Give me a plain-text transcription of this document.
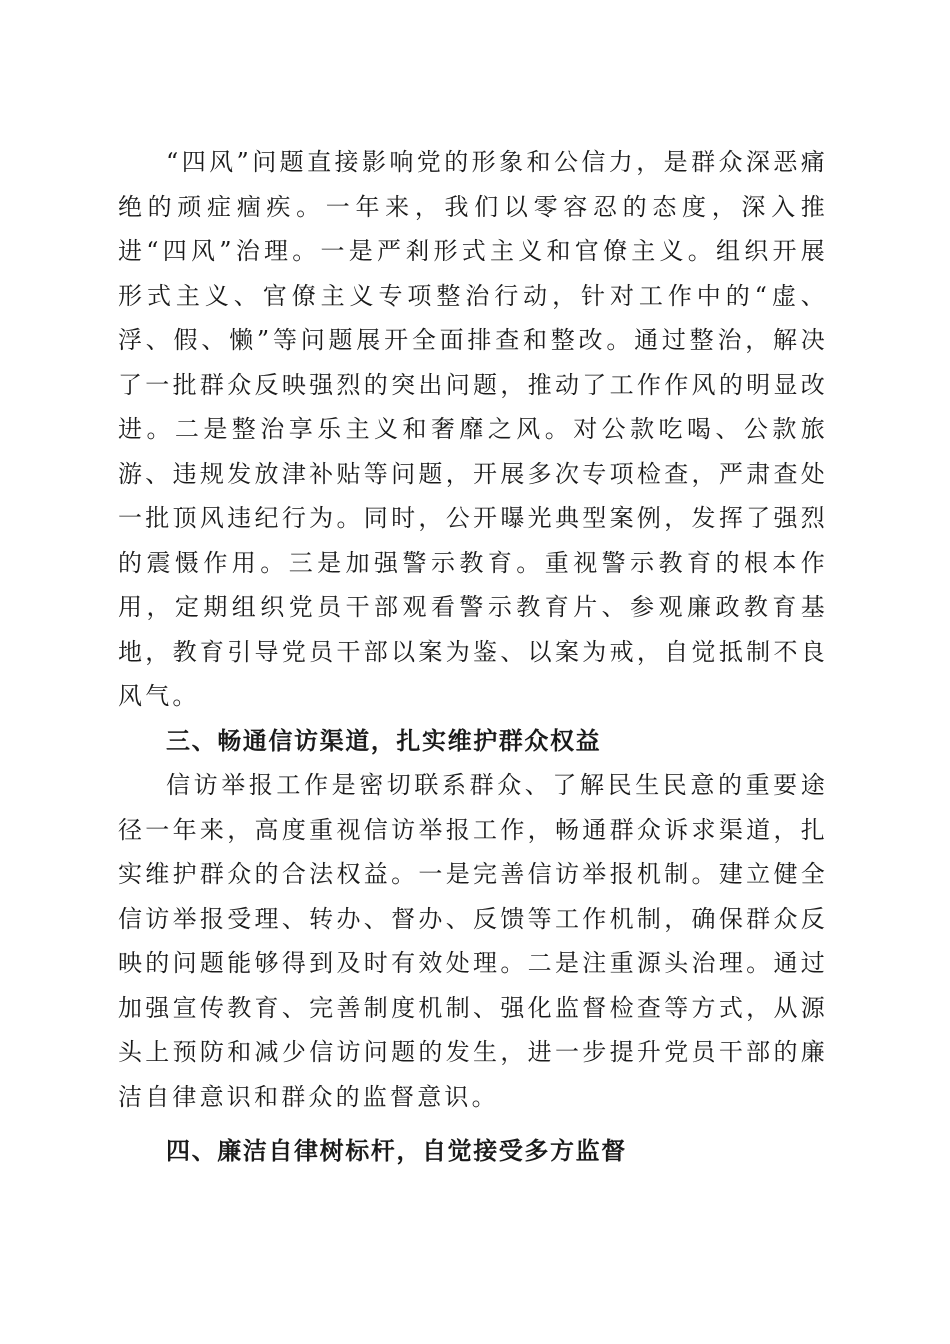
“四风”问题直接影响党的形象和公信力，是群众深恶痛绝的顽症痼疾。一年来，我们以零容忍的态度，深入推进“四风”治理。一是严剎形式主义和官僚主义。组织开展形式主义、官僚主义专项整治行动，针对工作中的“虚、浮、假、懒”等问题展开全面排查和整改。通过整治，解决了一批群众反映强烈的突出问题，推动了工作作风的明显改进。二是整治享乐主义和奢靡之风。对公款吃喝、公款旅游、违规发放津补贴等问题，开展多次专项检查，严肃查处一批顶风违纪行为。同时，公开曝光典型案例，发挥了强烈的震慑作用。三是加强警示教育。重视警示教育的根本作用，定期组织党员干部观看警示教育片、参观廉政教育基地，教育引导党员干部以案为鉴、以案为戒，自觉抵制不良风气。

三、畅通信访渠道，扎实维护群众权益

信访举报工作是密切联系群众、了解民生民意的重要途径一年来，高度重视信访举报工作，畅通群众诉求渠道，扎实维护群众的合法权益。一是完善信访举报机制。建立健全信访举报受理、转办、督办、反馈等工作机制，确保群众反映的问题能够得到及时有效处理。二是注重源头治理。通过加强宣传教育、完善制度机制、强化监督检查等方式，从源头上预防和减少信访问题的发生，进一步提升党员干部的廉洁自律意识和群众的监督意识。

四、廉洁自律树标杆，自觉接受多方监督
